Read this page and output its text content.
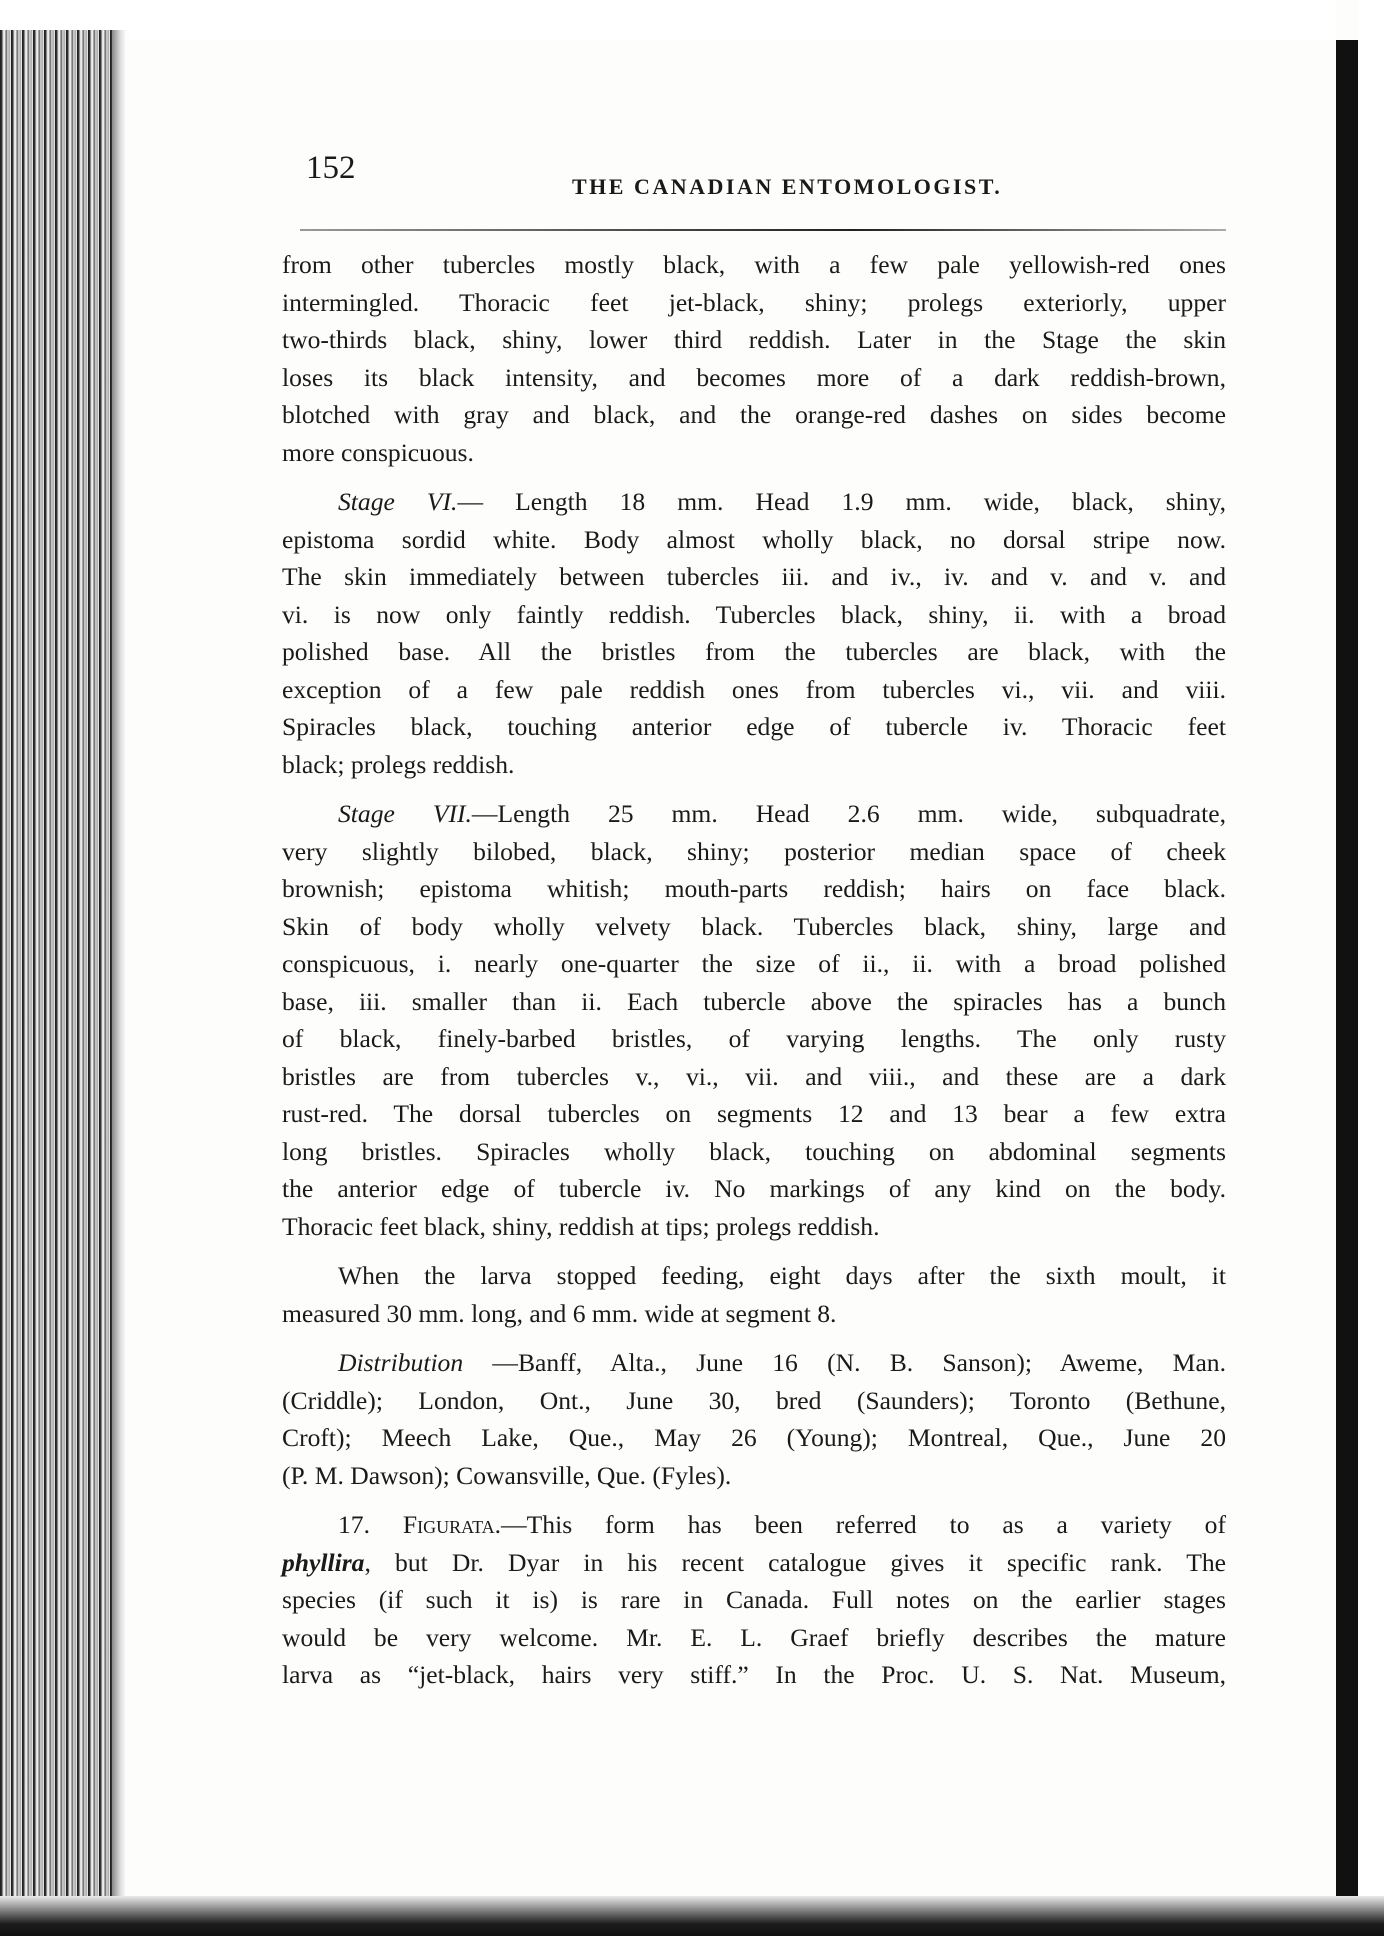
152
THE CANADIAN ENTOMOLOGIST.

from other tubercles mostly black, with a few pale yellowish-red ones
intermingled. Thoracic feet jet-black, shiny; prolegs exteriorly, upper
two-thirds black, shiny, lower third reddish. Later in the Stage the skin
loses its black intensity, and becomes more of a dark reddish-brown,
blotched with gray and black, and the orange-red dashes on sides become
more conspicuous.

Stage VI.— Length 18 mm. Head 1.9 mm. wide, black, shiny,
epistoma sordid white. Body almost wholly black, no dorsal stripe now.
The skin immediately between tubercles iii. and iv., iv. and v. and v. and
vi. is now only faintly reddish. Tubercles black, shiny, ii. with a broad
polished base. All the bristles from the tubercles are black, with the
exception of a few pale reddish ones from tubercles vi., vii. and viii.
Spiracles black, touching anterior edge of tubercle iv. Thoracic feet
black; prolegs reddish.

Stage VII.—Length 25 mm. Head 2.6 mm. wide, subquadrate,
very slightly bilobed, black, shiny; posterior median space of cheek
brownish; epistoma whitish; mouth-parts reddish; hairs on face black.
Skin of body wholly velvety black. Tubercles black, shiny, large and
conspicuous, i. nearly one-quarter the size of ii., ii. with a broad polished
base, iii. smaller than ii. Each tubercle above the spiracles has a bunch
of black, finely-barbed bristles, of varying lengths. The only rusty
bristles are from tubercles v., vi., vii. and viii., and these are a dark
rust-red. The dorsal tubercles on segments 12 and 13 bear a few extra
long bristles. Spiracles wholly black, touching on abdominal segments
the anterior edge of tubercle iv. No markings of any kind on the body.
Thoracic feet black, shiny, reddish at tips; prolegs reddish.

When the larva stopped feeding, eight days after the sixth moult, it
measured 30 mm. long, and 6 mm. wide at segment 8.

Distribution —Banff, Alta., June 16 (N. B. Sanson); Aweme, Man.
(Criddle); London, Ont., June 30, bred (Saunders); Toronto (Bethune,
Croft); Meech Lake, Que., May 26 (Young); Montreal, Que., June 20
(P. M. Dawson); Cowansville, Que. (Fyles).

17. Figurata.—This form has been referred to as a variety of
phyllira, but Dr. Dyar in his recent catalogue gives it specific rank. The
species (if such it is) is rare in Canada. Full notes on the earlier stages
would be very welcome. Mr. E. L. Graef briefly describes the mature
larva as “jet-black, hairs very stiff.” In the Proc. U. S. Nat. Museum,
